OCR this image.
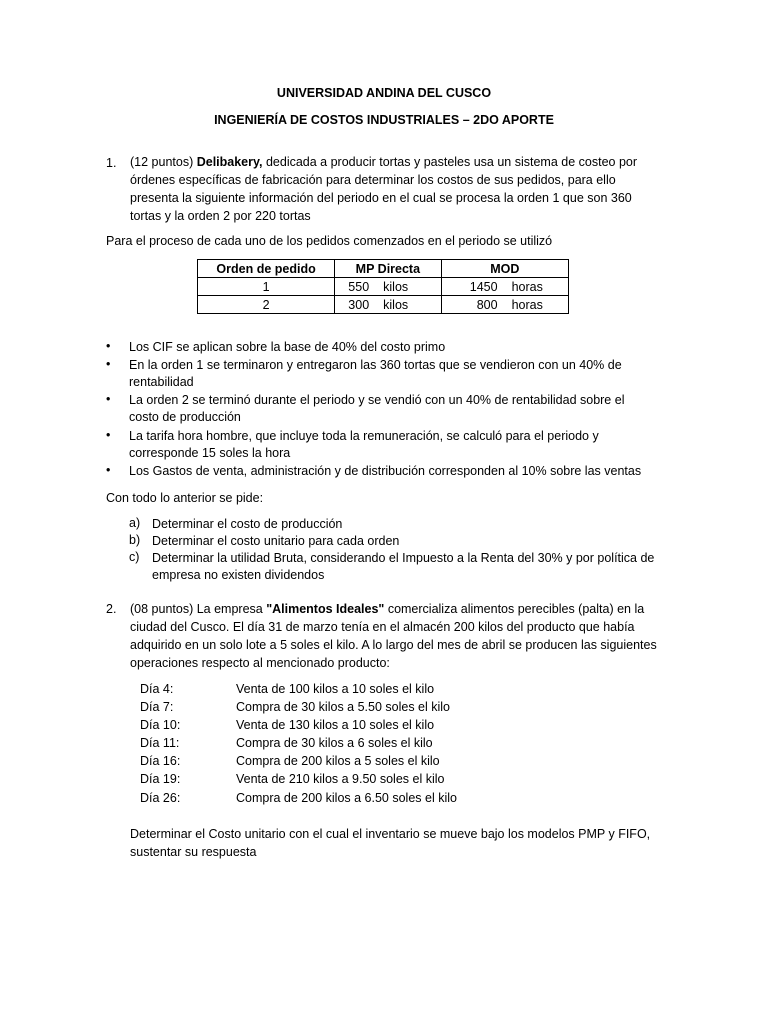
UNIVERSIDAD ANDINA DEL CUSCO
INGENIERÍA DE COSTOS INDUSTRIALES – 2DO APORTE
1. (12 puntos) Delibakery, dedicada a producir tortas y pasteles usa un sistema de costeo por
órdenes específicas de fabricación para determinar los costos de sus pedidos, para ello
presenta la siguiente información del periodo en el cual se procesa la orden 1 que son 360
tortas y la orden 2 por 220 tortas
Para el proceso de cada uno de los pedidos comenzados en el periodo se utilizó
Orden de pedido	MP Directa	MOD
1	550 kilos	1450 horas
2	300 kilos	800 horas
• Los CIF se aplican sobre la base de 40% del costo primo
• En la orden 1 se terminaron y entregaron las 360 tortas que se vendieron con un 40% de
rentabilidad
• La orden 2 se terminó durante el periodo y se vendió con un 40% de rentabilidad sobre el
costo de producción
• La tarifa hora hombre, que incluye toda la remuneración, se calculó para el periodo y
corresponde 15 soles la hora
• Los Gastos de venta, administración y de distribución corresponden al 10% sobre las ventas
Con todo lo anterior se pide:
a) Determinar el costo de producción
b) Determinar el costo unitario para cada orden
c) Determinar la utilidad Bruta, considerando el Impuesto a la Renta del 30% y por política de
empresa no existen dividendos
2. (08 puntos) La empresa "Alimentos Ideales" comercializa alimentos perecibles (palta) en la
ciudad del Cusco. El día 31 de marzo tenía en el almacén 200 kilos del producto que había
adquirido en un solo lote a 5 soles el kilo. A lo largo del mes de abril se producen las siguientes
operaciones respecto al mencionado producto:
Día 4:	Venta de 100 kilos a 10 soles el kilo
Día 7:	Compra de 30 kilos a 5.50 soles el kilo
Día 10:	Venta de 130 kilos a 10 soles el kilo
Día 11:	Compra de 30 kilos a 6 soles el kilo
Día 16:	Compra de 200 kilos a 5 soles el kilo
Día 19:	Venta de 210 kilos a 9.50 soles el kilo
Día 26:	Compra de 200 kilos a 6.50 soles el kilo
Determinar el Costo unitario con el cual el inventario se mueve bajo los modelos PMP y FIFO,
sustentar su respuesta
